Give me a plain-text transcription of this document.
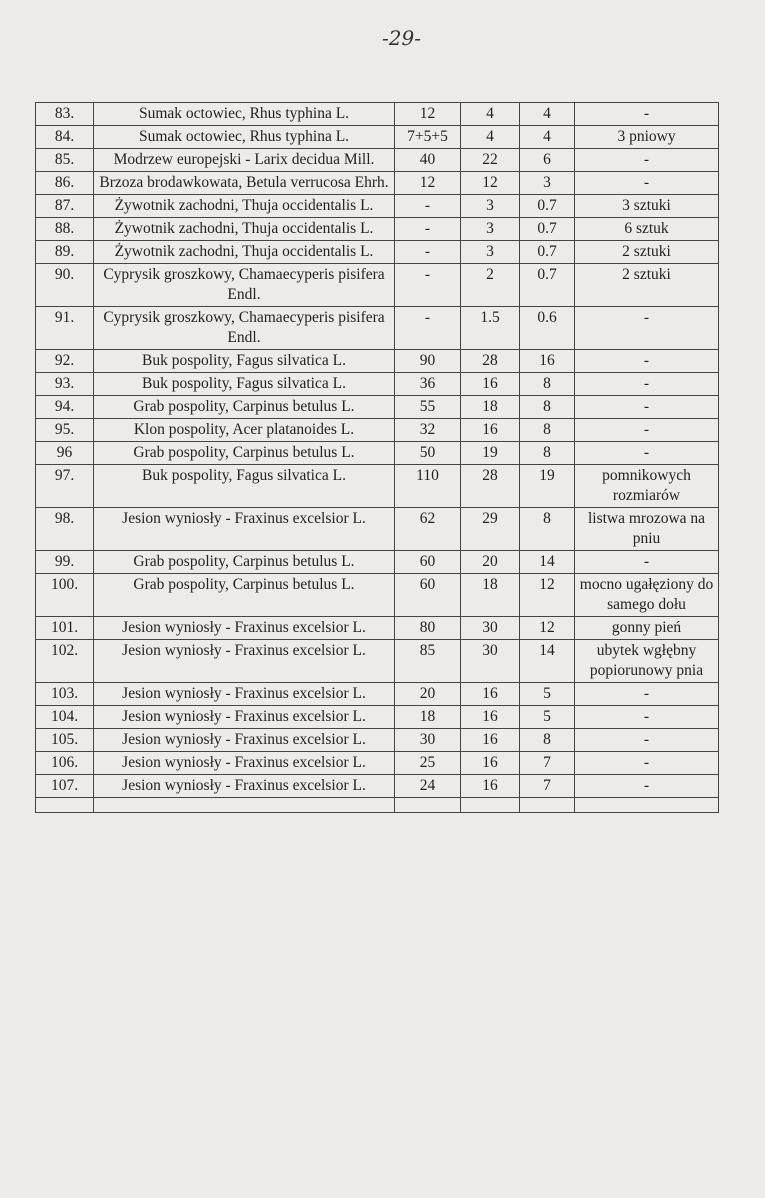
-29-
83.	Sumak octowiec, Rhus typhina L.	12	4	4	-
84.	Sumak octowiec, Rhus typhina L.	7+5+5	4	4	3 pniowy
85.	Modrzew europejski - Larix decidua Mill.	40	22	6	-
86.	Brzoza brodawkowata, Betula verrucosa Ehrh.	12	12	3	-
87.	Żywotnik zachodni, Thuja occidentalis L.	-	3	0.7	3 sztuki
88.	Żywotnik zachodni, Thuja occidentalis L.	-	3	0.7	6 sztuk
89.	Żywotnik zachodni, Thuja occidentalis L.	-	3	0.7	2 sztuki
90.	Cyprysik groszkowy, Chamaecyperis pisifera Endl.	-	2	0.7	2 sztuki
91.	Cyprysik groszkowy, Chamaecyperis pisifera Endl.	-	1.5	0.6	-
92.	Buk pospolity, Fagus silvatica L.	90	28	16	-
93.	Buk pospolity, Fagus silvatica L.	36	16	8	-
94.	Grab pospolity, Carpinus betulus L.	55	18	8	-
95.	Klon pospolity, Acer platanoides L.	32	16	8	-
96	Grab pospolity, Carpinus betulus L.	50	19	8	-
97.	Buk pospolity, Fagus silvatica L.	110	28	19	pomnikowych rozmiarów
98.	Jesion wyniosły - Fraxinus excelsior L.	62	29	8	listwa mrozowa na pniu
99.	Grab pospolity, Carpinus betulus L.	60	20	14	-
100.	Grab pospolity, Carpinus betulus L.	60	18	12	mocno ugałęziony do samego dołu
101.	Jesion wyniosły - Fraxinus excelsior L.	80	30	12	gonny pień
102.	Jesion wyniosły - Fraxinus excelsior L.	85	30	14	ubytek wgłębny popiorunowy pnia
103.	Jesion wyniosły - Fraxinus excelsior L.	20	16	5	-
104.	Jesion wyniosły - Fraxinus excelsior L.	18	16	5	-
105.	Jesion wyniosły - Fraxinus excelsior L.	30	16	8	-
106.	Jesion wyniosły - Fraxinus excelsior L.	25	16	7	-
107.	Jesion wyniosły - Fraxinus excelsior L.	24	16	7	-
